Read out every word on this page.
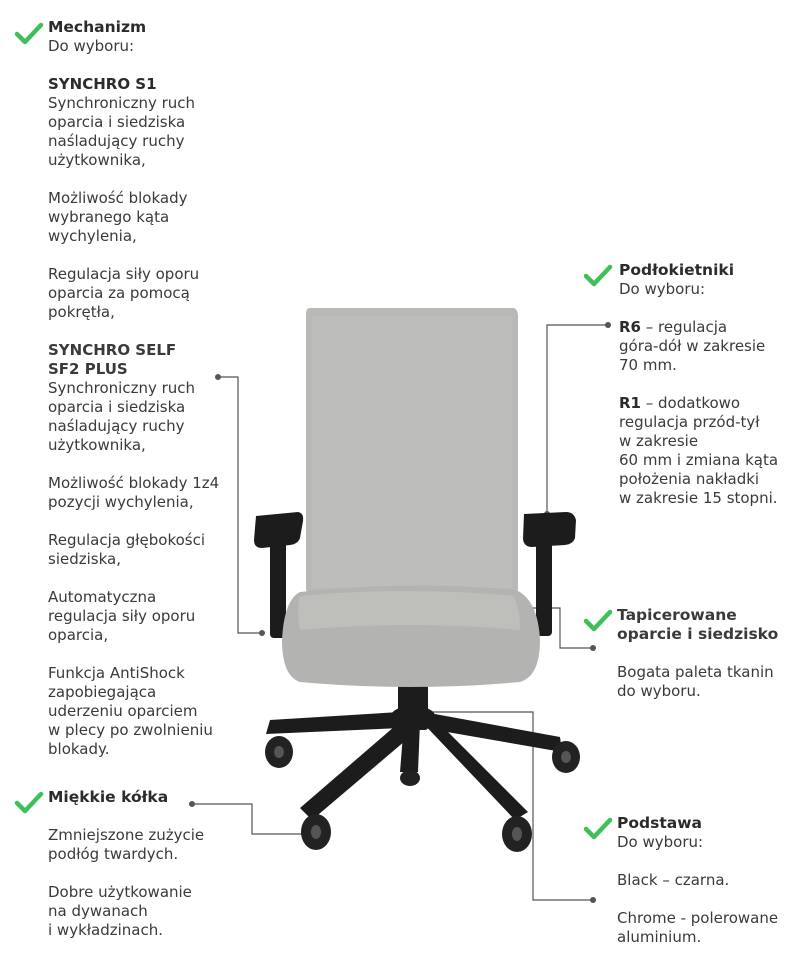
Mechanizm
Do wyboru:
SYNCHRO S1
Synchroniczny ruch
oparcia i siedziska
naśladujący ruchy
użytkownika,
Możliwość blokady
wybranego kąta
wychylenia,
Regulacja siły oporu
oparcia za pomocą
pokrętła,
SYNCHRO SELF
SF2 PLUS
Synchroniczny ruch
oparcia i siedziska
naśladujący ruchy
użytkownika,
Możliwość blokady 1z4
pozycji wychylenia,
Regulacja głębokości
siedziska,
Automatyczna
regulacja siły oporu
oparcia,
Funkcja AntiShock
zapobiegająca
uderzeniu oparciem
w plecy po zwolnieniu
blokady.
Miękkie kółka
Zmniejszone zużycie
podłóg twardych.
Dobre użytkowanie
na dywanach
i wykładzinach.
Podłokietniki
Do wyboru:
R6 – regulacja
góra-dół w zakresie
70 mm.
R1 – dodatkowo
regulacja przód-tył
w zakresie
60 mm i zmiana kąta
położenia nakładki
w zakresie 15 stopni.
Tapicerowane
oparcie i siedzisko
Bogata paleta tkanin
do wyboru.
Podstawa
Do wyboru:
Black – czarna.
Chrome - polerowane
aluminium.
